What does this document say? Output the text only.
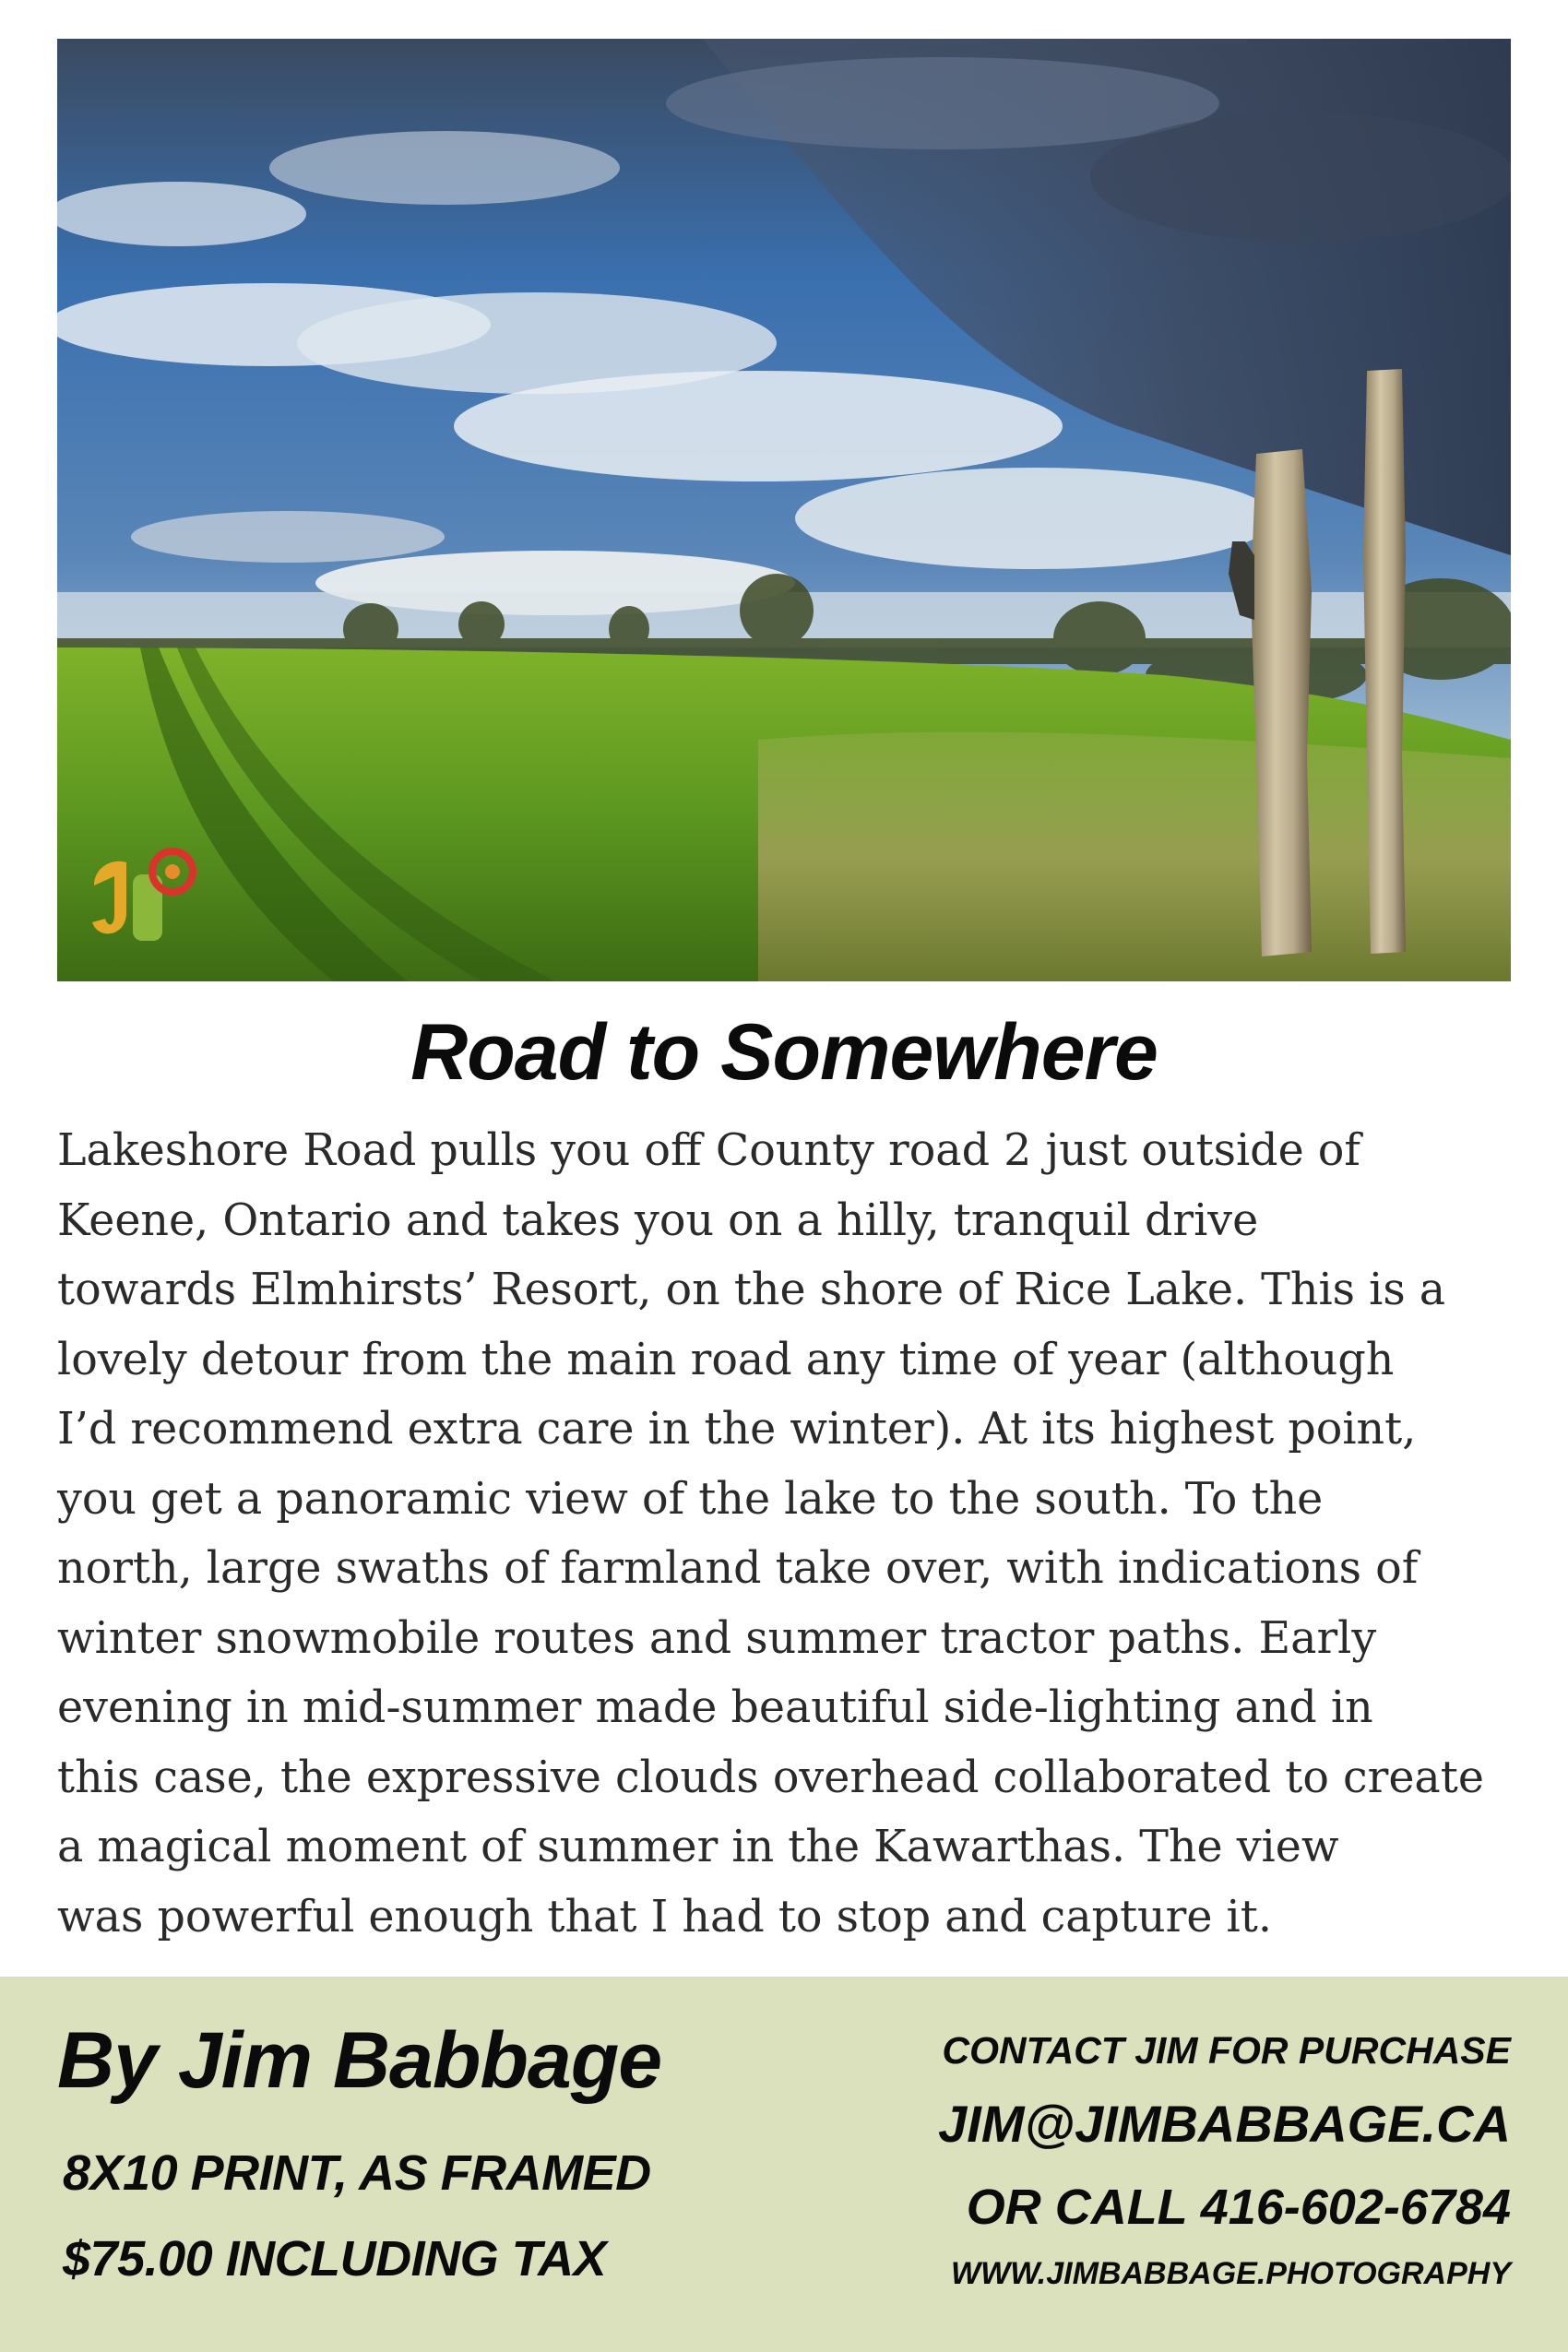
Road to Somewhere
Lakeshore Road pulls you off County road 2 just outside of
Keene, Ontario and takes you on a hilly, tranquil drive
towards Elmhirsts’ Resort, on the shore of Rice Lake. This is a
lovely detour from the main road any time of year (although
I’d recommend extra care in the winter). At its highest point,
you get a panoramic view of the lake to the south. To the
north, large swaths of farmland take over, with indications of
winter snowmobile routes and summer tractor paths. Early
evening in mid-summer made beautiful side-lighting and in
this case, the expressive clouds overhead collaborated to create
a magical moment of summer in the Kawarthas. The view
was powerful enough that I had to stop and capture it.

By Jim Babbage

8X10 PRINT, AS FRAMED

$75.00 INCLUDING TAX

CONTACT JIM FOR PURCHASE

JIM@JIMBABBAGE.CA

OR CALL 416-602-6784

WWW.JIMBABBAGE.PHOTOGRAPHY
